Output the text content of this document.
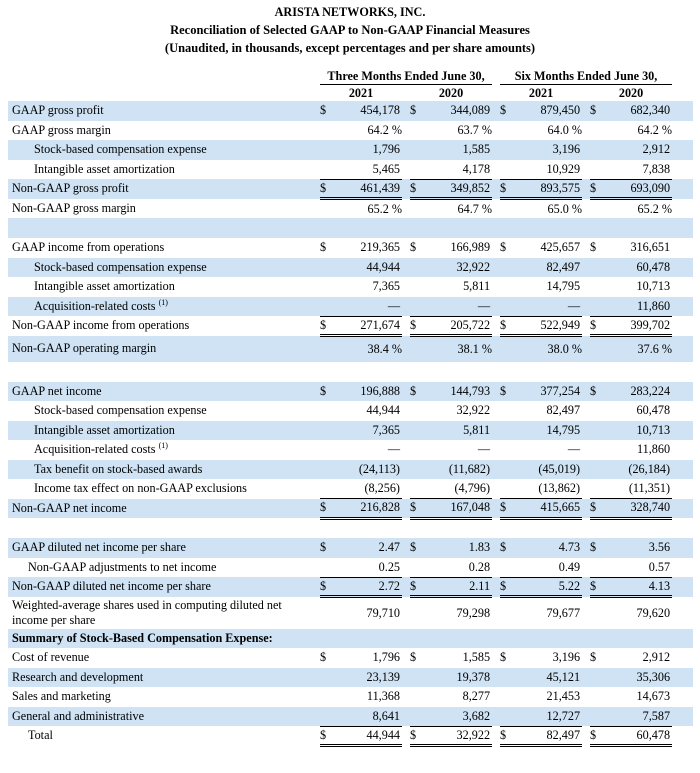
ARISTA NETWORKS, INC.
Reconciliation of Selected GAAP to Non-GAAP Financial Measures
(Unaudited, in thousands, except percentages and per share amounts)
	Three Months Ended June 30,						Six Months Ended June 30,					
	2021			2020			2021			2020		
GAAP gross profit	$	454,178		$	344,089		$	879,450		$	682,340	
GAAP gross margin		64.2 %			63.7 %			64.0 %			64.2 %	
Stock-based compensation expense		1,796			1,585			3,196			2,912	
Intangible asset amortization		5,465			4,178			10,929			7,838	
Non-GAAP gross profit	$	461,439		$	349,852		$	893,575		$	693,090	
Non-GAAP gross margin		65.2 %			64.7 %			65.0 %			65.2 %	

GAAP income from operations	$	219,365		$	166,989		$	425,657		$	316,651	
Stock-based compensation expense		44,944			32,922			82,497			60,478	
Intangible asset amortization		7,365			5,811			14,795			10,713	
Acquisition-related costs $^{(1)}$		—			—			—			11,860	
Non-GAAP income from operations	$	271,674		$	205,722		$	522,949		$	399,702	
Non-GAAP operating margin		38.4 %			38.1 %			38.0 %			37.6 %	

GAAP net income	$	196,888		$	144,793		$	377,254		$	283,224	
Stock-based compensation expense		44,944			32,922			82,497			60,478	
Intangible asset amortization		7,365			5,811			14,795			10,713	
Acquisition-related costs $^{(1)}$		—			—			—			11,860	
Tax benefit on stock-based awards		(24,113)			(11,682)			(45,019)			(26,184)	
Income tax effect on non-GAAP exclusions		(8,256)			(4,796)			(13,862)			(11,351)	
Non-GAAP net income	$	216,828		$	167,048		$	415,665		$	328,740	

GAAP diluted net income per share	$	2.47		$	1.83		$	4.73		$	3.56	
Non-GAAP adjustments to net income		0.25			0.28			0.49			0.57	
Non-GAAP diluted net income per share	$	2.72		$	2.11		$	5.22		$	4.13	
Weighted-average shares used in computing diluted net income per share		79,710			79,298			79,677			79,620	
Summary of Stock-Based Compensation Expense:												
Cost of revenue	$	1,796		$	1,585		$	3,196		$	2,912	
Research and development		23,139			19,378			45,121			35,306	
Sales and marketing		11,368			8,277			21,453			14,673	
General and administrative		8,641			3,682			12,727			7,587	
Total	$	44,944		$	32,922		$	82,497		$	60,478	
